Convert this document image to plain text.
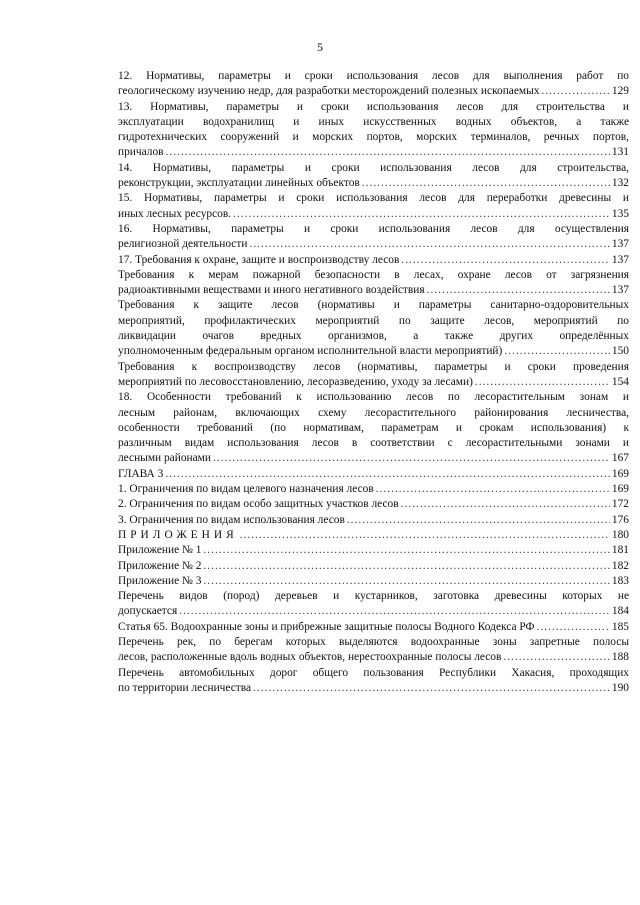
5
12. Нормативы, параметры и сроки использования лесов для выполнения работ по
геологическому изучению недр, для разработки месторождений полезных ископаемых .....	129
13. Нормативы, параметры и сроки использования лесов для строительства и
эксплуатации водохранилищ и иных искусственных водных объектов, а также
гидротехнических сооружений и морских портов, морских терминалов, речных портов,
причалов .....	131
14. Нормативы, параметры и сроки использования лесов для строительства,
реконструкции, эксплуатации линейных объектов .....	132
15. Нормативы, параметры и сроки использования лесов для переработки древесины и
иных лесных ресурсов. .....	135
16. Нормативы, параметры и сроки использования лесов для осуществления
религиозной деятельности .....	137
17. Требования к охране, защите и воспроизводству лесов .....	137
Требования к мерам пожарной безопасности в лесах, охране лесов от загрязнения
радиоактивными веществами и иного негативного воздействия .....	137
Требования к защите лесов (нормативы и параметры санитарно-оздоровительных
мероприятий, профилактических мероприятий по защите лесов, мероприятий по
ликвидации очагов вредных организмов, а также других определённых
уполномоченным федеральным органом исполнительной власти мероприятий) .....	150
Требования к воспроизводству лесов (нормативы, параметры и сроки проведения
мероприятий по лесовосстановлению, лесоразведению, уходу за лесами) .....	154
18. Особенности требований к использованию лесов по лесорастительным зонам и
лесным районам, включающих схему лесорастительного районирования лесничества,
особенности требований (по нормативам, параметрам и срокам использования) к
различным видам использования лесов в соответствии с лесорастительными зонами и
лесными районами .....	167
ГЛАВА 3 .....	169
1. Ограничения по видам целевого назначения лесов .....	169
2. Ограничения по видам особо защитных участков лесов .....	172
3. Ограничения по видам использования лесов .....	176
ПРИЛОЖЕНИЯ .....	180
Приложение № 1 .....	181
Приложение № 2 .....	182
Приложение № 3 .....	183
Перечень видов (пород) деревьев и кустарников, заготовка древесины которых не
допускается .....	184
Статья 65. Водоохранные зоны и прибрежные защитные полосы Водного Кодекса РФ .....	185
Перечень рек, по берегам которых выделяются водоохранные зоны запретные полосы
лесов, расположенные вдоль водных объектов, нерестоохранные полосы лесов .....	188
Перечень автомобильных дорог общего пользования Республики Хакасия, проходящих
по территории лесничества .....	190
